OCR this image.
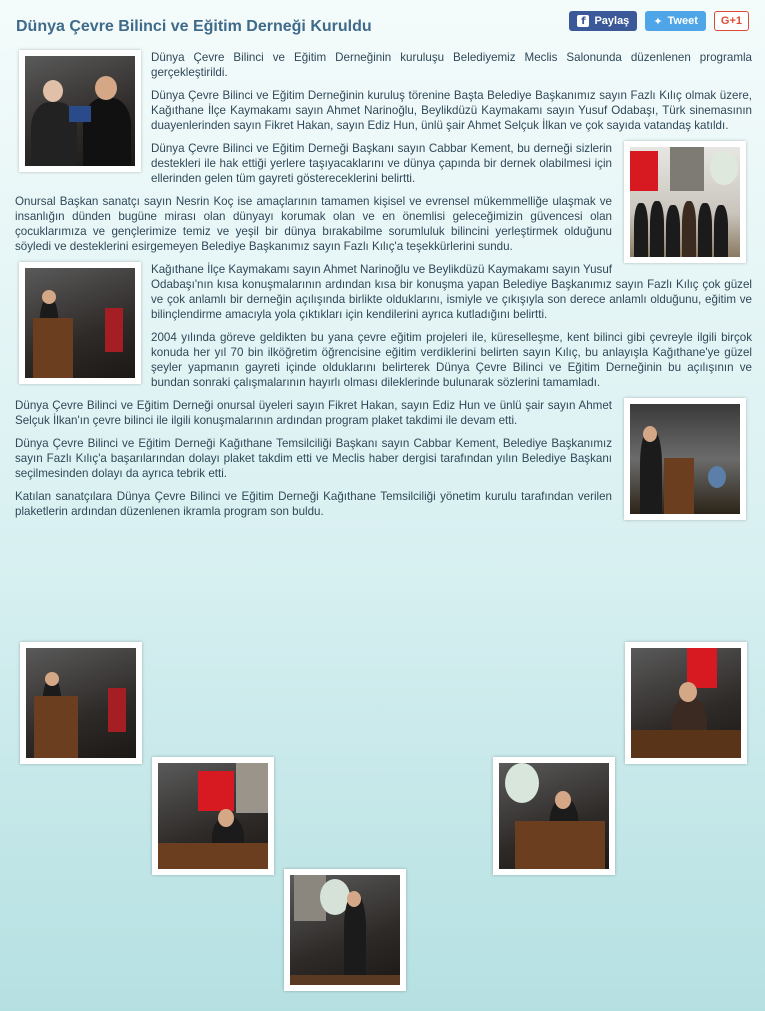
Dünya Çevre Bilinci ve Eğitim Derneği Kuruldu	f Paylaş ✦ Tweet G+1

Dünya Çevre Bilinci ve Eğitim Derneğinin kuruluşu Belediyemiz Meclis Salonunda düzenlenen programla gerçekleştirildi.

Dünya Çevre Bilinci ve Eğitim Derneğinin kuruluş törenine Başta Belediye Başkanımız sayın Fazlı Kılıç olmak üzere, Kağıthane İlçe Kaymakamı sayın Ahmet Narinoğlu, Beylikdüzü Kaymakamı sayın Yusuf Odabaşı, Türk sinemasının duayenlerinden sayın Fikret Hakan, sayın Ediz Hun, ünlü şair Ahmet Selçuk İlkan ve çok sayıda vatandaş katıldı.

Dünya Çevre Bilinci ve Eğitim Derneği Başkanı sayın Cabbar Kement, bu derneği sizlerin destekleri ile hak ettiği yerlere taşıyacaklarını ve dünya çapında bir dernek olabilmesi için ellerinden gelen tüm gayreti göstereceklerini belirtti.

Onursal Başkan sanatçı sayın Nesrin Koç ise amaçlarının tamamen kişisel ve evrensel mükemmelliğe ulaşmak ve insanlığın dünden bugüne mirası olan dünyayı korumak olan ve en önemlisi geleceğimizin güvencesi olan çocuklarımıza ve gençlerimize temiz ve yeşil bir dünya bırakabilme sorumluluk bilincini yerleştirmek olduğunu söyledi ve desteklerini esirgemeyen Belediye Başkanımız sayın Fazlı Kılıç'a teşekkürlerini sundu.

Kağıthane İlçe Kaymakamı sayın Ahmet Narinoğlu ve Beylikdüzü Kaymakamı sayın Yusuf Odabaşı'nın kısa konuşmalarının ardından kısa bir konuşma yapan Belediye Başkanımız sayın Fazlı Kılıç çok güzel ve çok anlamlı bir derneğin açılışında birlikte olduklarını, ismiyle ve çıkışıyla son derece anlamlı olduğunu, eğitim ve bilinçlendirme amacıyla yola çıktıkları için kendilerini ayrıca kutladığını belirtti.

2004 yılında göreve geldikten bu yana çevre eğitim projeleri ile, küreselleşme, kent bilinci gibi çevreyle ilgili birçok konuda her yıl 70 bin ilköğretim öğrencisine eğitim verdiklerini belirten sayın Kılıç, bu anlayışla Kağıthane'ye güzel şeyler yapmanın gayreti içinde olduklarını belirterek Dünya Çevre Bilinci ve Eğitim Derneğinin bu açılışının ve bundan sonraki çalışmalarının hayırlı olması dileklerinde bulunarak sözlerini tamamladı.

Dünya Çevre Bilinci ve Eğitim Derneği onursal üyeleri sayın Fikret Hakan, sayın Ediz Hun ve ünlü şair sayın Ahmet Selçuk İlkan'ın çevre bilinci ile ilgili konuşmalarının ardından program plaket takdimi ile devam etti.

Dünya Çevre Bilinci ve Eğitim Derneği Kağıthane Temsilciliği Başkanı sayın Cabbar Kement, Belediye Başkanımız sayın Fazlı Kılıç'a başarılarından dolayı plaket takdim etti ve Meclis haber dergisi tarafından yılın Belediye Başkanı seçilmesinden dolayı da ayrıca tebrik etti.

Katılan sanatçılara Dünya Çevre Bilinci ve Eğitim Derneği Kağıthane Temsilciliği yönetim kurulu tarafından verilen plaketlerin ardından düzenlenen ikramla program son buldu.
